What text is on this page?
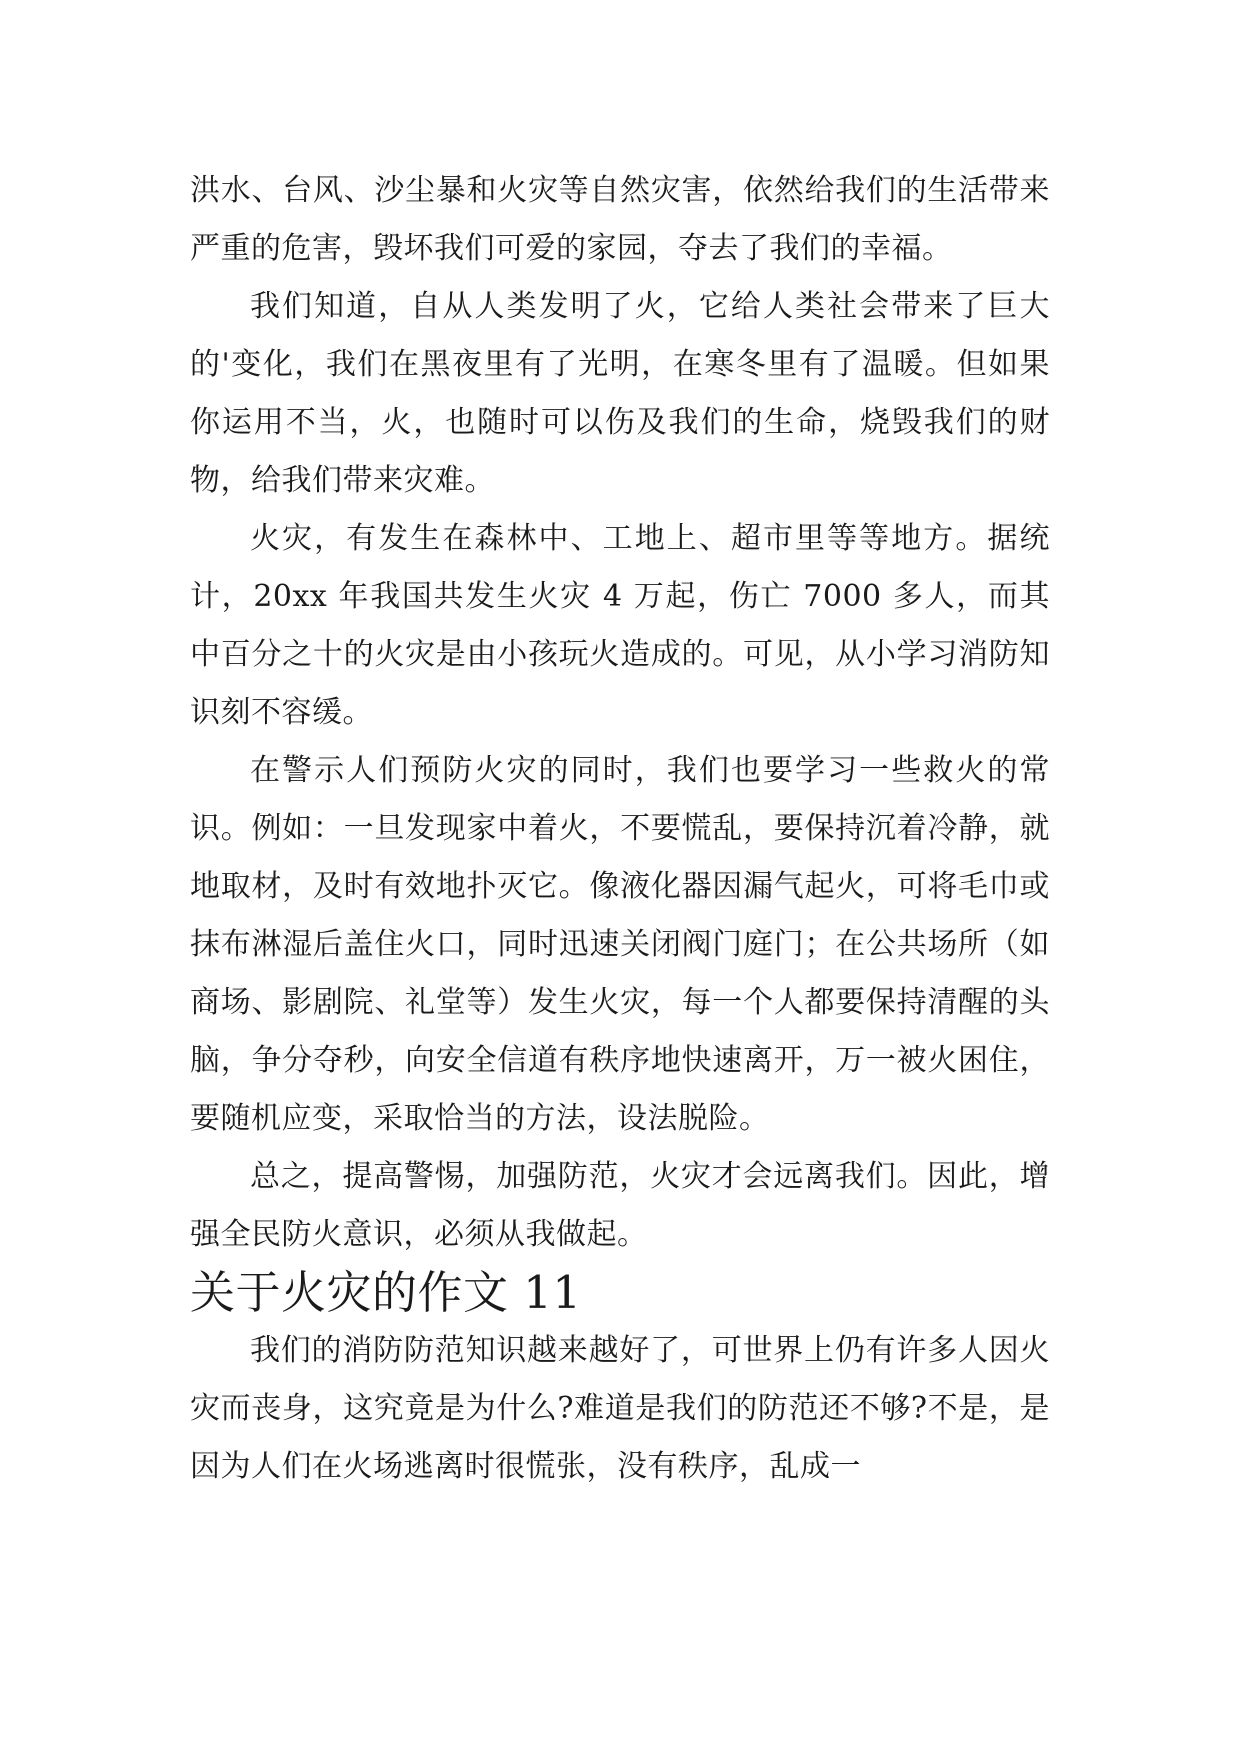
洪水、台风、沙尘暴和火灾等自然灾害，依然给我们的生活带来严重的危害，毁坏我们可爱的家园，夺去了我们的幸福。

我们知道，自从人类发明了火，它给人类社会带来了巨大的'变化，我们在黑夜里有了光明，在寒冬里有了温暖。但如果你运用不当，火，也随时可以伤及我们的生命，烧毁我们的财物，给我们带来灾难。

火灾，有发生在森林中、工地上、超市里等等地方。据统计，20xx 年我国共发生火灾 4 万起，伤亡 7000 多人，而其中百分之十的火灾是由小孩玩火造成的。可见，从小学习消防知识刻不容缓。

在警示人们预防火灾的同时，我们也要学习一些救火的常识。例如：一旦发现家中着火，不要慌乱，要保持沉着冷静，就地取材，及时有效地扑灭它。像液化器因漏气起火，可将毛巾或抹布淋湿后盖住火口，同时迅速关闭阀门庭门；在公共场所（如商场、影剧院、礼堂等）发生火灾，每一个人都要保持清醒的头脑，争分夺秒，向安全信道有秩序地快速离开，万一被火困住，要随机应变，采取恰当的方法，设法脱险。

总之，提高警惕，加强防范，火灾才会远离我们。因此，增强全民防火意识，必须从我做起。

关于火灾的作文 11

我们的消防防范知识越来越好了，可世界上仍有许多人因火灾而丧身，这究竟是为什么?难道是我们的防范还不够?不是，是因为人们在火场逃离时很慌张，没有秩序，乱成一
